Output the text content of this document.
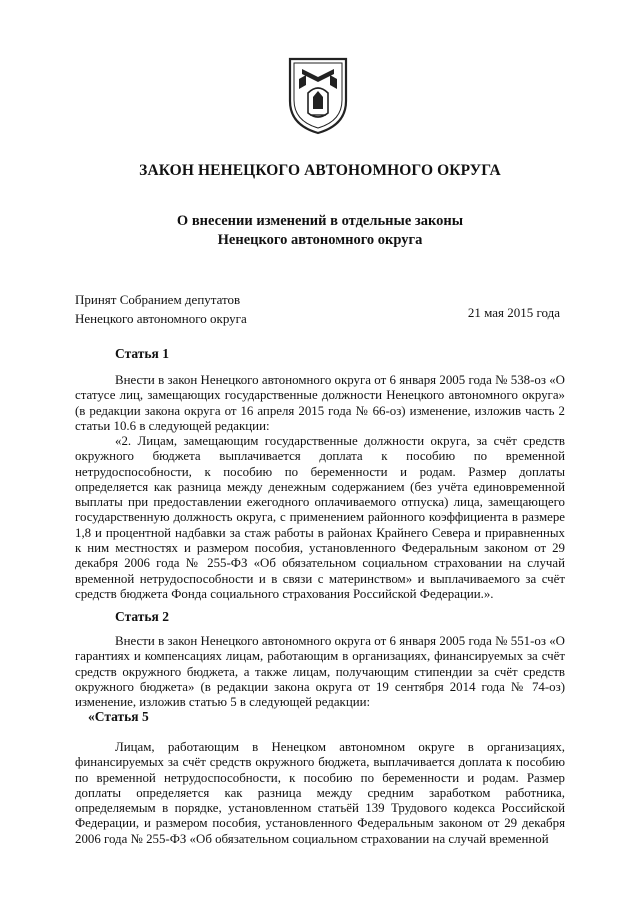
ЗАКОН НЕНЕЦКОГО АВТОНОМНОГО ОКРУГА
О внесении изменений в отдельные законы
Ненецкого автономного округа
Принят Собранием депутатов
Ненецкого автономного округа	21 мая 2015 года
Статья 1
Внести в закон Ненецкого автономного округа от 6 января 2005 года № 538-оз «О статусе лиц, замещающих государственные должности Ненецкого автономного округа» (в редакции закона округа от 16 апреля 2015 года № 66-оз) изменение, изложив часть 2 статьи 10.6 в следующей редакции:
«2. Лицам, замещающим государственные должности округа, за счёт средств окружного бюджета выплачивается доплата к пособию по временной нетрудоспособности, к пособию по беременности и родам. Размер доплаты определяется как разница между денежным содержанием (без учёта единовременной выплаты при предоставлении ежегодного оплачиваемого отпуска) лица, замещающего государственную должность округа, с применением районного коэффициента в размере 1,8 и процентной надбавки за стаж работы в районах Крайнего Севера и приравненных к ним местностях и размером пособия, установленного Федеральным законом от 29 декабря 2006 года № 255-ФЗ «Об обязательном социальном страховании на случай временной нетрудоспособности и в связи с материнством» и выплачиваемого за счёт средств бюджета Фонда социального страхования Российской Федерации.».
Статья 2
Внести в закон Ненецкого автономного округа от 6 января 2005 года № 551-оз «О гарантиях и компенсациях лицам, работающим в организациях, финансируемых за счёт средств окружного бюджета, а также лицам, получающим стипендии за счёт средств окружного бюджета» (в редакции закона округа от 19 сентября 2014 года № 74-оз) изменение, изложив статью 5 в следующей редакции:
«Статья 5
Лицам, работающим в Ненецком автономном округе в организациях, финансируемых за счёт средств окружного бюджета, выплачивается доплата к пособию по временной нетрудоспособности, к пособию по беременности и родам. Размер доплаты определяется как разница между средним заработком работника, определяемым в порядке, установленном статьёй 139 Трудового кодекса Российской Федерации, и размером пособия, установленного Федеральным законом от 29 декабря 2006 года № 255-ФЗ «Об обязательном социальном страховании на случай временной
